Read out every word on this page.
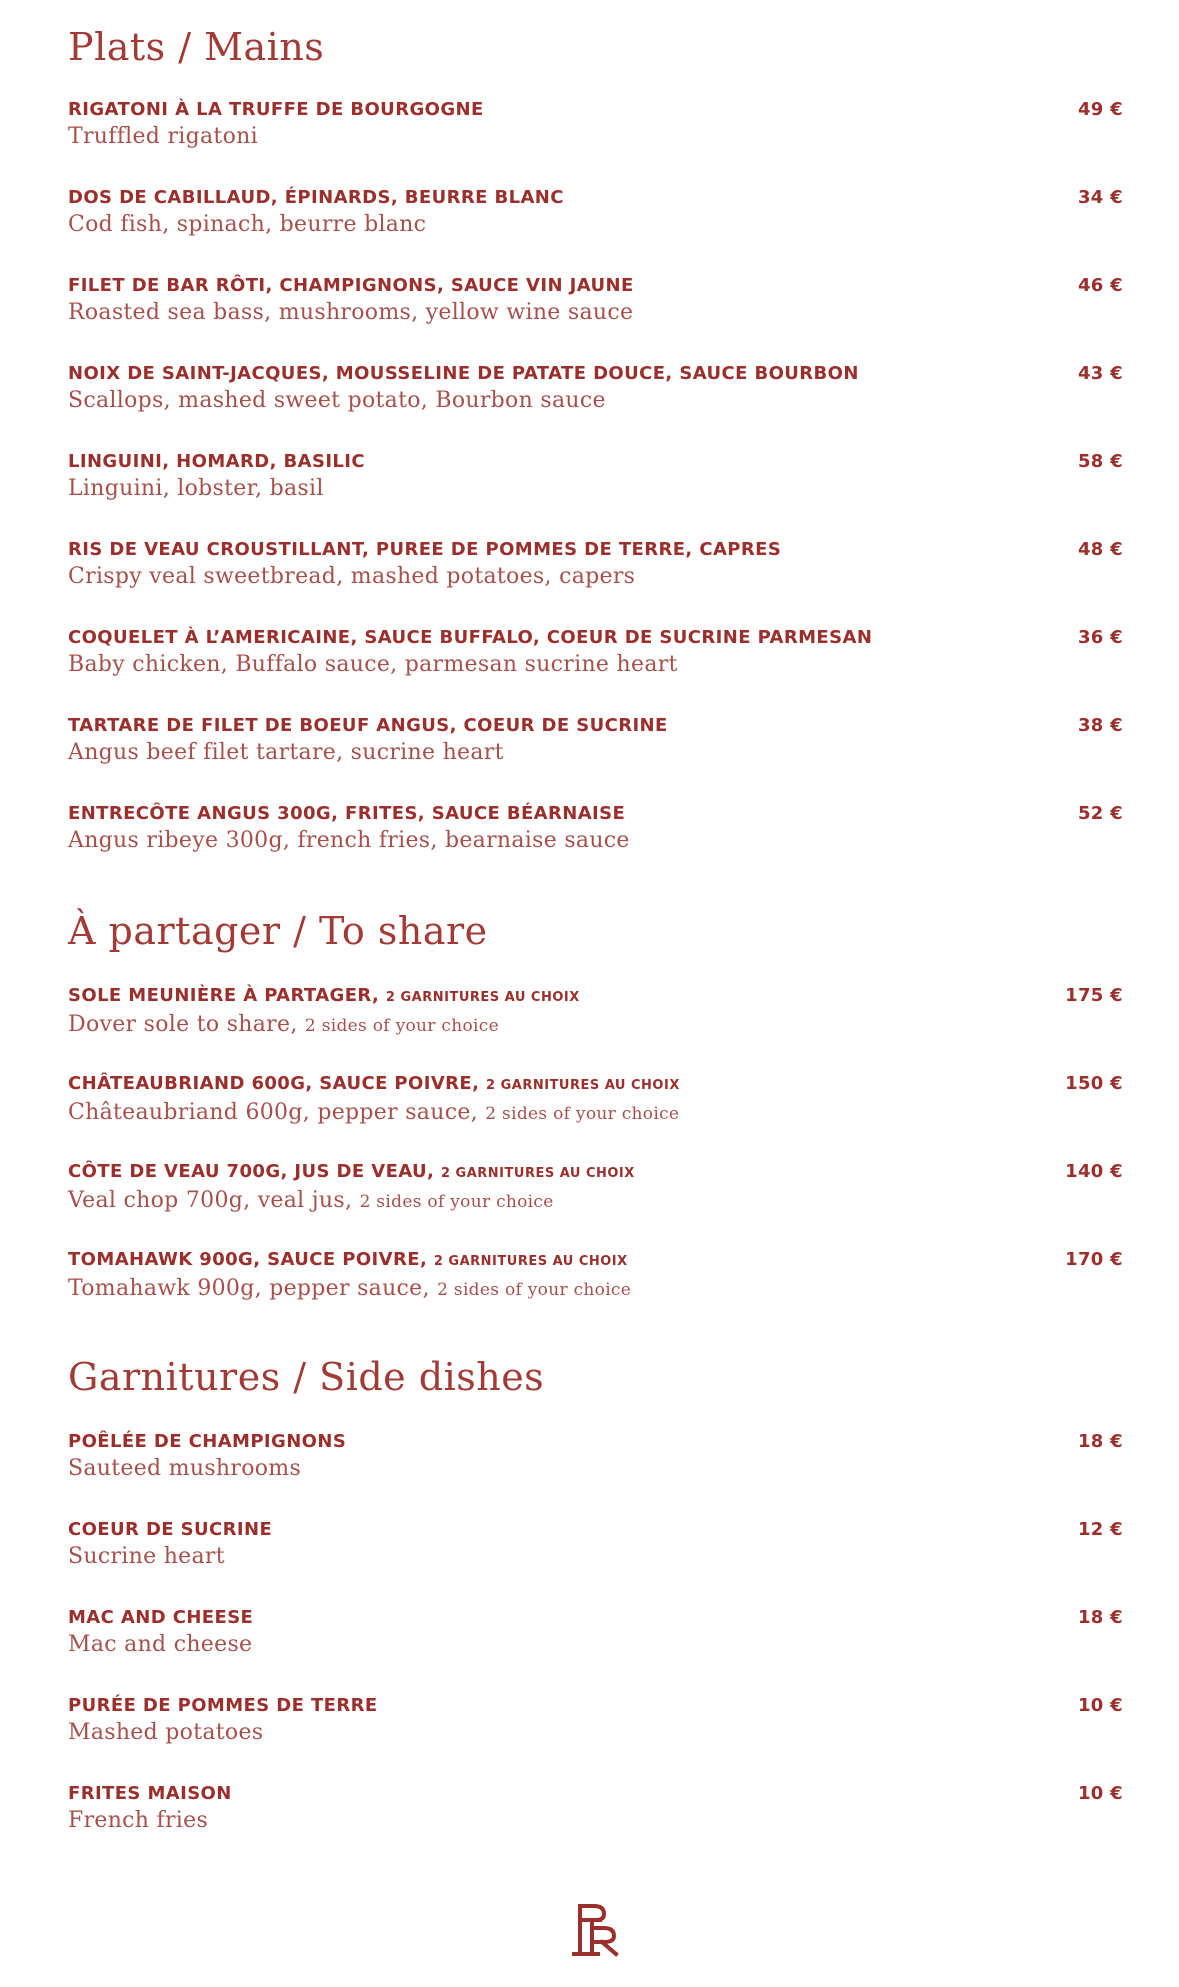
Plats / Mains
RIGATONI À LA TRUFFE DE BOURGOGNE
Truffled rigatoni
49 €
DOS DE CABILLAUD, ÉPINARDS, BEURRE BLANC
Cod fish, spinach, beurre blanc
34 €
FILET DE BAR RÔTI, CHAMPIGNONS, SAUCE VIN JAUNE
Roasted sea bass, mushrooms, yellow wine sauce
46 €
NOIX DE SAINT-JACQUES, MOUSSELINE DE PATATE DOUCE, SAUCE BOURBON
Scallops, mashed sweet potato, Bourbon sauce
43 €
LINGUINI, HOMARD, BASILIC
Linguini, lobster, basil
58 €
RIS DE VEAU CROUSTILLANT, PUREE DE POMMES DE TERRE, CAPRES
Crispy veal sweetbread, mashed potatoes, capers
48 €
COQUELET À L’AMERICAINE, SAUCE BUFFALO, COEUR DE SUCRINE PARMESAN
Baby chicken, Buffalo sauce, parmesan sucrine heart
36 €
TARTARE DE FILET DE BOEUF ANGUS, COEUR DE SUCRINE
Angus beef filet tartare, sucrine heart
38 €
ENTRECÔTE ANGUS 300G, FRITES, SAUCE BÉARNAISE
Angus ribeye 300g, french fries, bearnaise sauce
52 €
À partager / To share
SOLE MEUNIÈRE À PARTAGER, 2 GARNITURES AU CHOIX
Dover sole to share, 2 sides of your choice
175 €
CHÂTEAUBRIAND 600G, SAUCE POIVRE, 2 GARNITURES AU CHOIX
Châteaubriand 600g, pepper sauce, 2 sides of your choice
150 €
CÔTE DE VEAU 700G, JUS DE VEAU, 2 GARNITURES AU CHOIX
Veal chop 700g, veal jus, 2 sides of your choice
140 €
TOMAHAWK 900G, SAUCE POIVRE, 2 GARNITURES AU CHOIX
Tomahawk 900g, pepper sauce, 2 sides of your choice
170 €
Garnitures / Side dishes
POÊLÉE DE CHAMPIGNONS
Sauteed mushrooms
18 €
COEUR DE SUCRINE
Sucrine heart
12 €
MAC AND CHEESE
Mac and cheese
18 €
PURÉE DE POMMES DE TERRE
Mashed potatoes
10 €
FRITES MAISON
French fries
10 €
